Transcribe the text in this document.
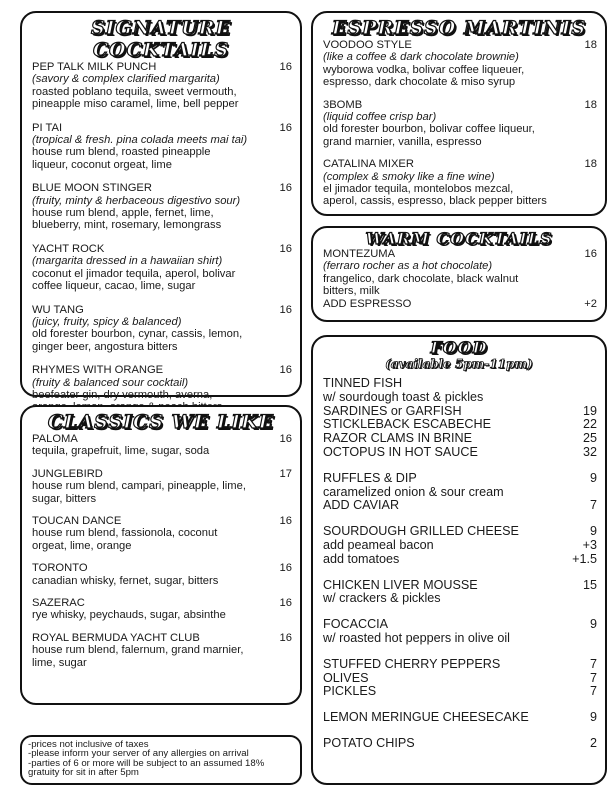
SIGNATURE COCKTAILS
PEP TALK MILK PUNCH	16
(savory & complex clarified margarita)
roasted poblano tequila, sweet vermouth,
pineapple miso caramel, lime, bell pepper
PI TAI	16
(tropical & fresh. pina colada meets mai tai)
house rum blend, roasted pineapple
liqueur, coconut orgeat, lime
BLUE MOON STINGER	16
(fruity, minty & herbaceous digestivo sour)
house rum blend, apple, fernet, lime,
blueberry, mint, rosemary, lemongrass
YACHT ROCK	16
(margarita dressed in a hawaiian shirt)
coconut el jimador tequila, aperol, bolivar
coffee liqueur, cacao, lime, sugar
WU TANG	16
(juicy, fruity, spicy & balanced)
old forester bourbon, cynar, cassis, lemon,
ginger beer, angostura bitters
RHYMES WITH ORANGE	16
(fruity & balanced sour cocktail)
beefeater gin, dry vermouth, averna,
CLASSICS WE LIKE
PALOMA	16
tequila, grapefruit, lime, sugar, soda
JUNGLEBIRD	17
house rum blend, campari, pineapple, lime,
sugar, bitters
TOUCAN DANCE	16
house rum blend, fassionola, coconut
orgeat, lime, orange
TORONTO	16
canadian whisky, fernet, sugar, bitters
SAZERAC	16
rye whisky, peychauds, sugar, absinthe
ROYAL BERMUDA YACHT CLUB	16
house rum blend, falernum, grand marnier,
lime, sugar
-prices not inclusive of taxes
-please inform your server of any allergies on arrival
-parties of 6 or more will be subject to an assumed 18%
gratuity for sit in after 5pm
ESPRESSO MARTINIS
VOODOO STYLE	18
(like a coffee & dark chocolate brownie)
wyborowa vodka, bolivar coffee liqueuer,
espresso, dark chocolate & miso syrup
3BOMB	18
(liquid coffee crisp bar)
old forester bourbon, bolivar coffee liqueur,
grand marnier, vanilla, espresso
CATALINA MIXER	18
(complex & smoky like a fine wine)
el jimador tequila, montelobos mezcal,
aperol, cassis, espresso, black pepper bitters
WARM COCKTAILS
MONTEZUMA	16
(ferraro rocher as a hot chocolate)
frangelico, dark chocolate, black walnut
bitters, milk
ADD ESPRESSO	+2
FOOD
(available 5pm-11pm)
TINNED FISH
w/ sourdough toast & pickles
SARDINES or GARFISH	19
STICKLEBACK ESCABECHE	22
RAZOR CLAMS IN BRINE	25
OCTOPUS IN HOT SAUCE	32
RUFFLES & DIP	9
caramelized onion & sour cream
ADD CAVIAR	7
SOURDOUGH GRILLED CHEESE	9
add peameal bacon	+3
add tomatoes	+1.5
CHICKEN LIVER MOUSSE	15
w/ crackers & pickles
FOCACCIA	9
w/ roasted hot peppers in olive oil
STUFFED CHERRY PEPPERS	7
OLIVES	7
PICKLES	7
LEMON MERINGUE CHEESECAKE	9
POTATO CHIPS	2
